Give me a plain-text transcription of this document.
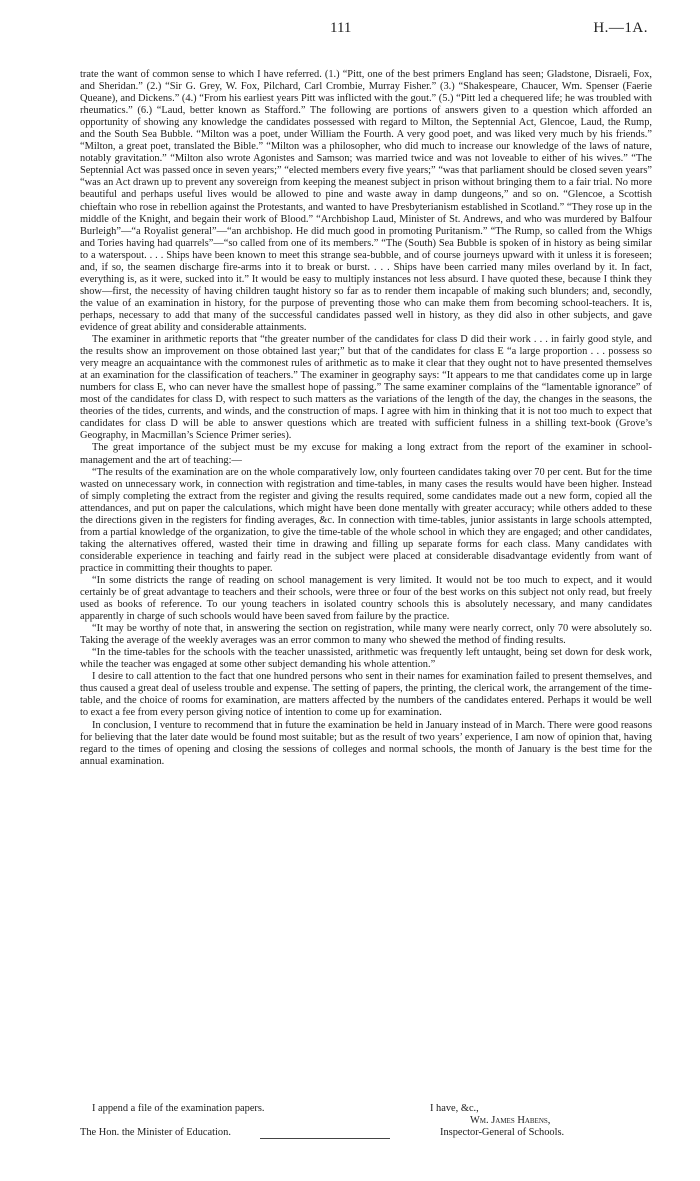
111	H.—1A.

trate the want of common sense to which I have referred. (1.) “Pitt, one of the best primers England has seen; Gladstone, Disraeli, Fox, and Sheridan.” (2.) “Sir G. Grey, W. Fox, Pilchard, Carl Crombie, Murray Fisher.” (3.) “Shakespeare, Chaucer, Wm. Spenser (Faerie Queane), and Dickens.” (4.) “From his earliest years Pitt was inflicted with the gout.” (5.) “Pitt led a chequered life; he was troubled with rheumatics.” (6.) “Laud, better known as Stafford.” The following are portions of answers given to a question which afforded an opportunity of showing any knowledge the candidates possessed with regard to Milton, the Septennial Act, Glencoe, Laud, the Rump, and the South Sea Bubble. “Milton was a poet, under William the Fourth. A very good poet, and was liked very much by his friends.” “Milton, a great poet, translated the Bible.” “Milton was a philosopher, who did much to increase our knowledge of the laws of nature, notably gravitation.” “Milton also wrote Agonistes and Samson; was married twice and was not loveable to either of his wives.” “The Septennial Act was passed once in seven years;” “elected members every five years;” “was that parliament should be closed seven years” “was an Act drawn up to prevent any sovereign from keeping the meanest subject in prison without bringing them to a fair trial. No more beautiful and perhaps useful lives would be allowed to pine and waste away in damp dungeons,” and so on. “Glencoe, a Scottish chieftain who rose in rebellion against the Protestants, and wanted to have Presbyterianism established in Scotland.” “They rose up in the middle of the Knight, and begain their work of Blood.” “Archbishop Laud, Minister of St. Andrews, and who was murdered by Balfour Burleigh”—“a Royalist general”—“an archbishop. He did much good in promoting Puritanism.” “The Rump, so called from the Whigs and Tories having had quarrels”—“so called from one of its members.” “The (South) Sea Bubble is spoken of in history as being similar to a waterspout. . . . Ships have been known to meet this strange sea-bubble, and of course journeys upward with it unless it is foreseen; and, if so, the seamen discharge fire-arms into it to break or burst. . . . Ships have been carried many miles overland by it. In fact, everything is, as it were, sucked into it.” It would be easy to multiply instances not less absurd. I have quoted these, because I think they show—first, the necessity of having children taught history so far as to render them incapable of making such blunders; and, secondly, the value of an examination in history, for the purpose of preventing those who can make them from becoming school-teachers. It is, perhaps, necessary to add that many of the successful candidates passed well in history, as they did also in other subjects, and gave evidence of great ability and considerable attainments.

The examiner in arithmetic reports that “the greater number of the candidates for class D did their work . . . in fairly good style, and the results show an improvement on those obtained last year;” but that of the candidates for class E “a large proportion . . . possess so very meagre an acquaintance with the commonest rules of arithmetic as to make it clear that they ought not to have presented themselves at an examination for the classification of teachers.” The examiner in geography says: “It appears to me that candidates come up in large numbers for class E, who can never have the smallest hope of passing.” The same examiner complains of the “lamentable ignorance” of most of the candidates for class D, with respect to such matters as the variations of the length of the day, the changes in the seasons, the theories of the tides, currents, and winds, and the construction of maps. I agree with him in thinking that it is not too much to expect that candidates for class D will be able to answer questions which are treated with sufficient fulness in a shilling text-book (Grove’s Geography, in Macmillan’s Science Primer series).

The great importance of the subject must be my excuse for making a long extract from the report of the examiner in school-management and the art of teaching:—

“The results of the examination are on the whole comparatively low, only fourteen candidates taking over 70 per cent. But for the time wasted on unnecessary work, in connection with registration and time-tables, in many cases the results would have been higher. Instead of simply completing the extract from the register and giving the results required, some candidates made out a new form, copied all the attendances, and put on paper the calculations, which might have been done mentally with greater accuracy; while others added to these the directions given in the registers for finding averages, &c. In connection with time-tables, junior assistants in large schools attempted, from a partial knowledge of the organization, to give the time-table of the whole school in which they are engaged; and other candidates, taking the alternatives offered, wasted their time in drawing and filling up separate forms for each class. Many candidates with considerable experience in teaching and fairly read in the subject were placed at considerable disadvantage evidently from want of practice in committing their thoughts to paper.

“In some districts the range of reading on school management is very limited. It would not be too much to expect, and it would certainly be of great advantage to teachers and their schools, were three or four of the best works on this subject not only read, but freely used as books of reference. To our young teachers in isolated country schools this is absolutely necessary, and many candidates apparently in charge of such schools would have been saved from failure by the practice.

“It may be worthy of note that, in answering the section on registration, while many were nearly correct, only 70 were absolutely so. Taking the average of the weekly averages was an error common to many who shewed the method of finding results.

“In the time-tables for the schools with the teacher unassisted, arithmetic was frequently left untaught, being set down for desk work, while the teacher was engaged at some other subject demanding his whole attention.”

I desire to call attention to the fact that one hundred persons who sent in their names for examination failed to present themselves, and thus caused a great deal of useless trouble and expense. The setting of papers, the printing, the clerical work, the arrangement of the time-table, and the choice of rooms for examination, are matters affected by the numbers of the candidates entered. Perhaps it would be well to exact a fee from every person giving notice of intention to come up for examination.

In conclusion, I venture to recommend that in future the examination be held in January instead of in March. There were good reasons for believing that the later date would be found most suitable; but as the result of two years’ experience, I am now of opinion that, having regard to the times of opening and closing the sessions of colleges and normal schools, the month of January is the best time for the annual examination.

I append a file of the examination papers.	I have, &c.,
Wm. James Habens,
The Hon. the Minister of Education.	Inspector-General of Schools.
